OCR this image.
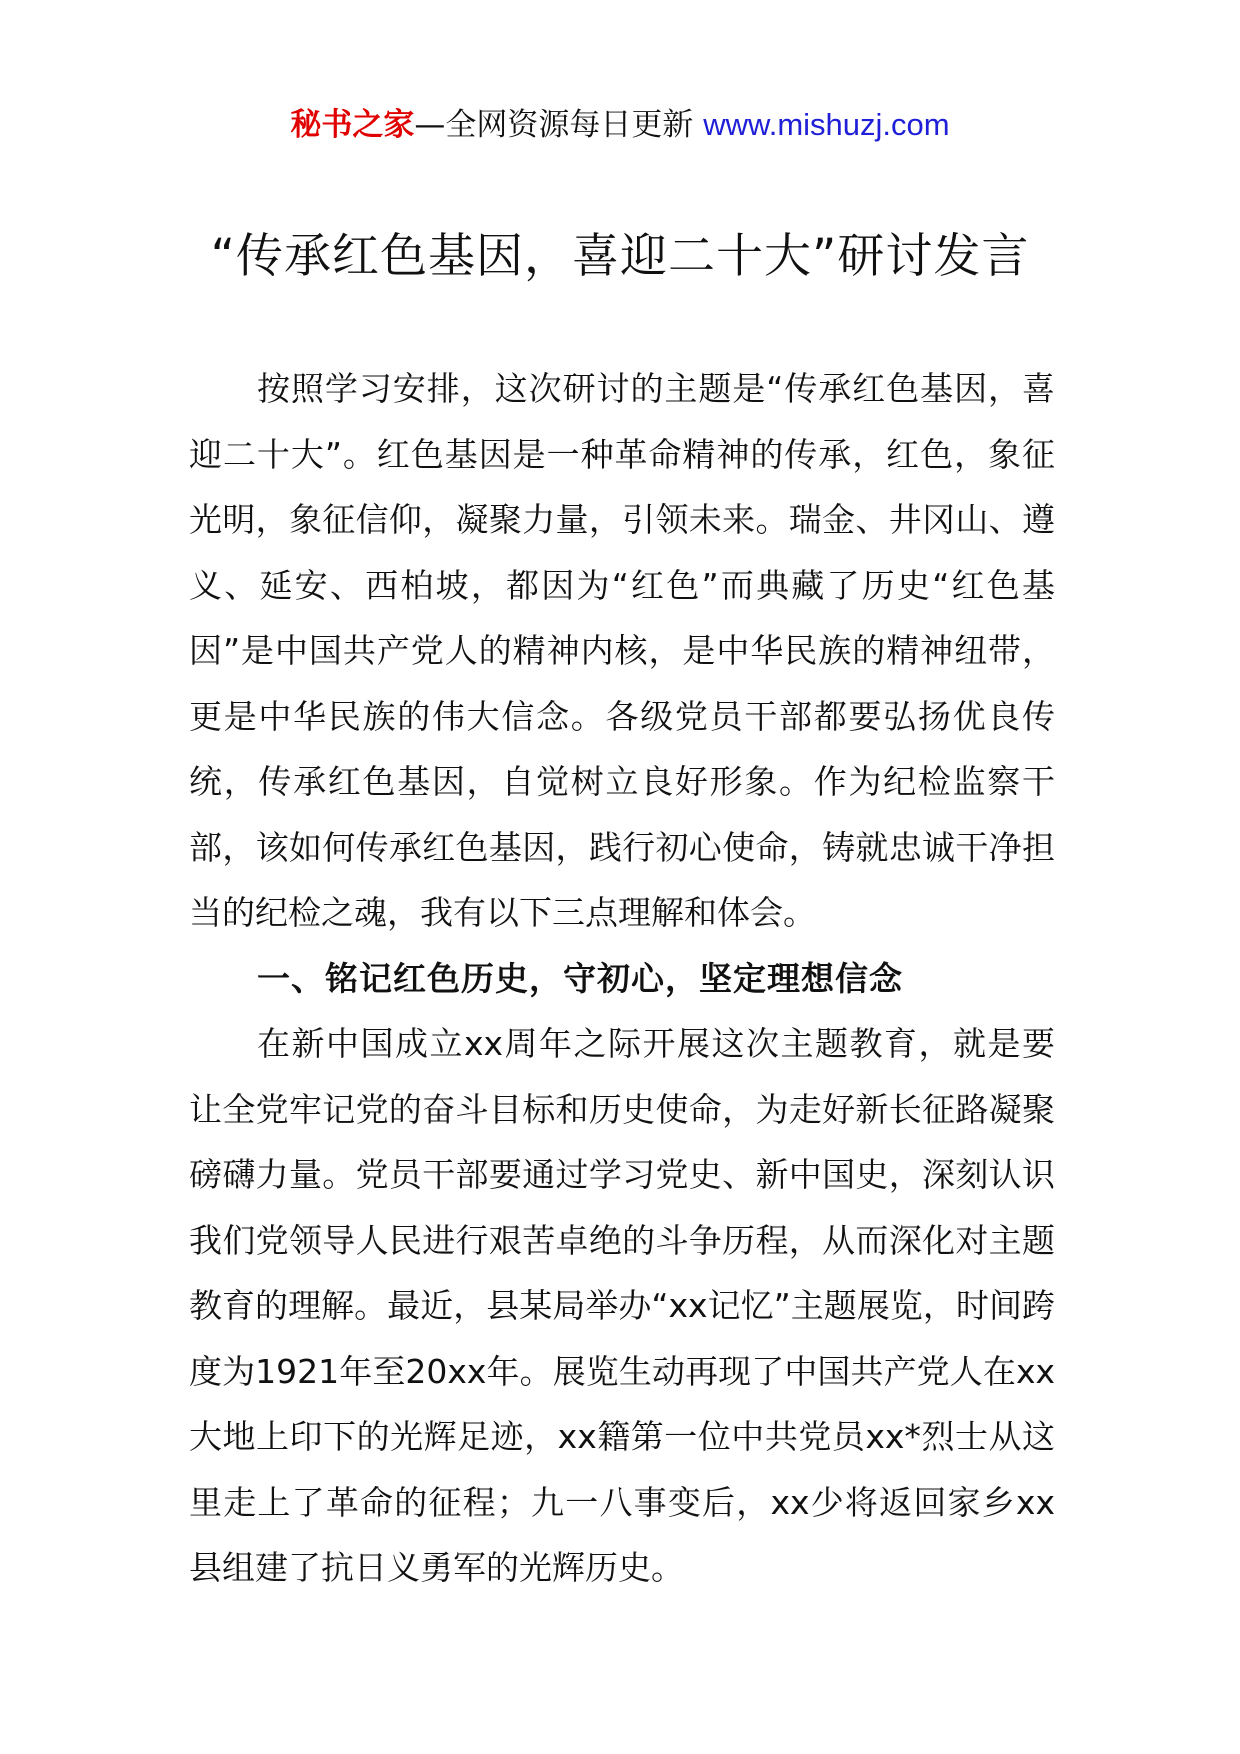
秘书之家—全网资源每日更新 www.mishuzj.com
“传承红色基因，喜迎二十大”研讨发言

按照学习安排，这次研讨的主题是“传承红色基因，喜迎二十大”。红色基因是一种革命精神的传承，红色，象征光明，象征信仰，凝聚力量，引领未来。瑞金、井冈山、遵义、延安、西柏坡，都因为“红色”而典藏了历史“红色基因”是中国共产党人的精神内核，是中华民族的精神纽带，更是中华民族的伟大信念。各级党员干部都要弘扬优良传统，传承红色基因，自觉树立良好形象。作为纪检监察干部，该如何传承红色基因，践行初心使命，铸就忠诚干净担当的纪检之魂，我有以下三点理解和体会。

一、铭记红色历史，守初心，坚定理想信念

在新中国成立xx周年之际开展这次主题教育，就是要让全党牢记党的奋斗目标和历史使命，为走好新长征路凝聚磅礴力量。党员干部要通过学习党史、新中国史，深刻认识我们党领导人民进行艰苦卓绝的斗争历程，从而深化对主题教育的理解。最近，县某局举办“xx记忆”主题展览，时间跨度为1921年至20xx年。展览生动再现了中国共产党人在xx大地上印下的光辉足迹，xx籍第一位中共党员xx*烈士从这里走上了革命的征程；九一八事变后，xx少将返回家乡xx县组建了抗日义勇军的光辉历史。
